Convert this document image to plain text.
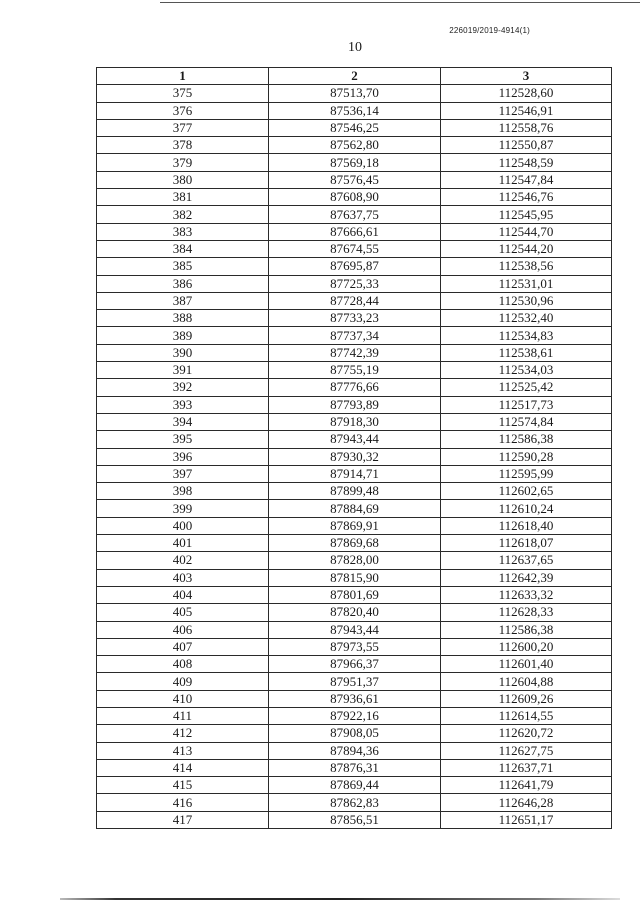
226019/2019-4914(1)
10
1	2	3
375	87513,70	112528,60
376	87536,14	112546,91
377	87546,25	112558,76
378	87562,80	112550,87
379	87569,18	112548,59
380	87576,45	112547,84
381	87608,90	112546,76
382	87637,75	112545,95
383	87666,61	112544,70
384	87674,55	112544,20
385	87695,87	112538,56
386	87725,33	112531,01
387	87728,44	112530,96
388	87733,23	112532,40
389	87737,34	112534,83
390	87742,39	112538,61
391	87755,19	112534,03
392	87776,66	112525,42
393	87793,89	112517,73
394	87918,30	112574,84
395	87943,44	112586,38
396	87930,32	112590,28
397	87914,71	112595,99
398	87899,48	112602,65
399	87884,69	112610,24
400	87869,91	112618,40
401	87869,68	112618,07
402	87828,00	112637,65
403	87815,90	112642,39
404	87801,69	112633,32
405	87820,40	112628,33
406	87943,44	112586,38
407	87973,55	112600,20
408	87966,37	112601,40
409	87951,37	112604,88
410	87936,61	112609,26
411	87922,16	112614,55
412	87908,05	112620,72
413	87894,36	112627,75
414	87876,31	112637,71
415	87869,44	112641,79
416	87862,83	112646,28
417	87856,51	112651,17
